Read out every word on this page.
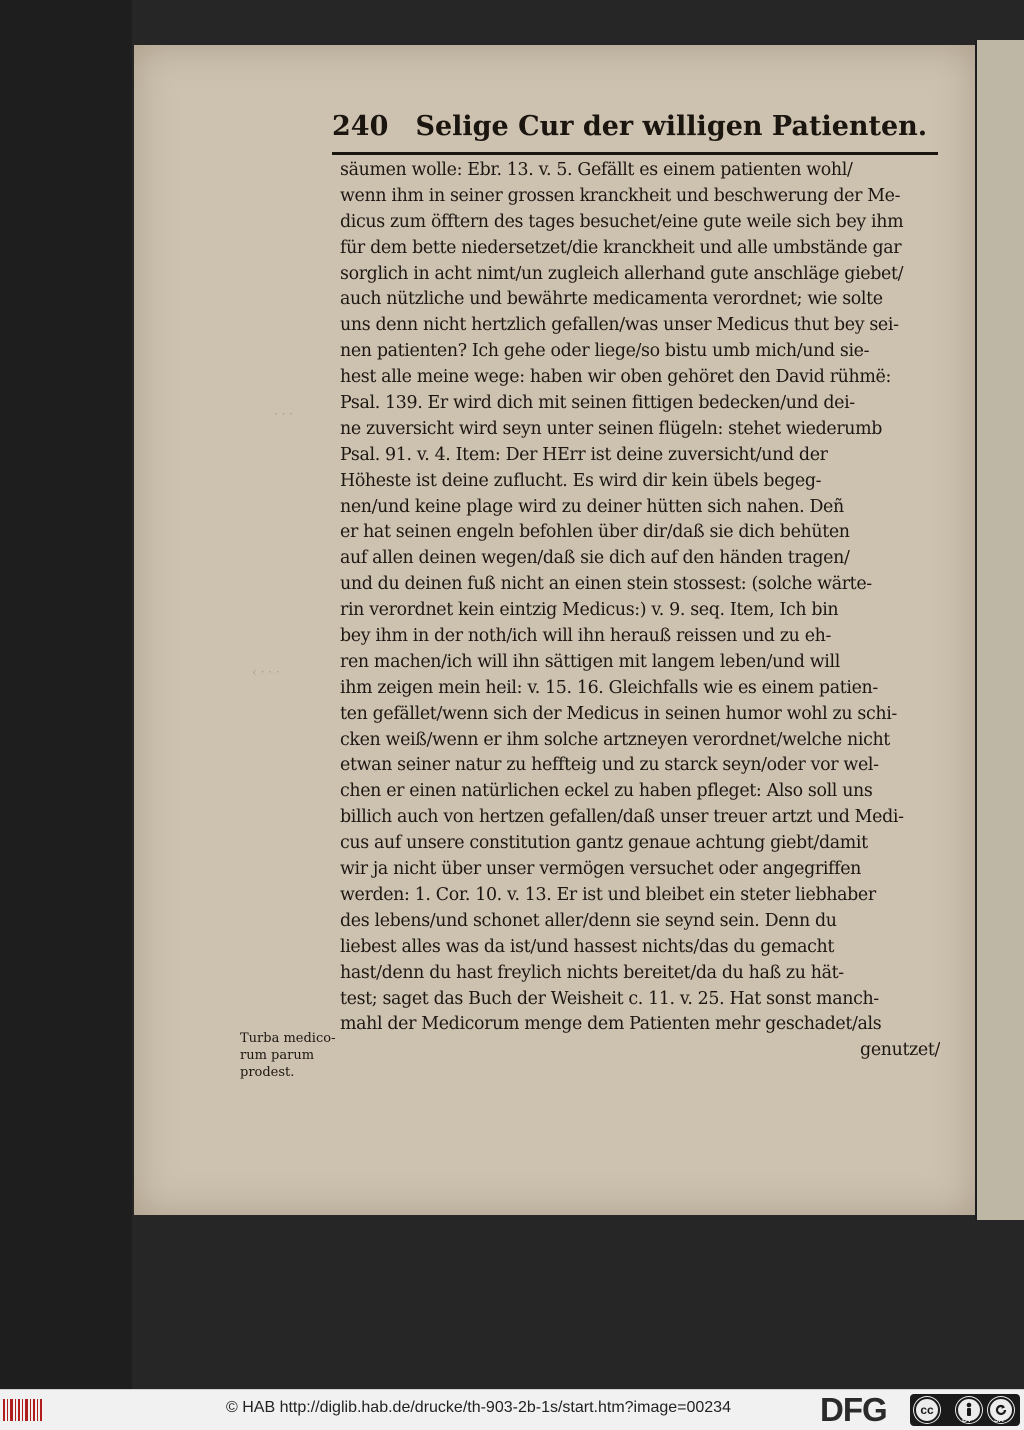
· · ·
‹ · · ·
240 Selige Cur der willigen Patienten.
säumen wolle: Ebr. 13. v. 5. Gefällt es einem patienten wohl/
wenn ihm in seiner grossen kranckheit und beschwerung der Me-
dicus zum öfftern des tages besuchet/eine gute weile sich bey ihm
für dem bette niedersetzet/die kranckheit und alle umbstände gar
sorglich in acht nimt/un zugleich allerhand gute anschläge giebet/
auch nützliche und bewährte medicamenta verordnet; wie solte
uns denn nicht hertzlich gefallen/was unser Medicus thut bey sei-
nen patienten? Ich gehe oder liege/so bistu umb mich/und sie-
hest alle meine wege: haben wir oben gehöret den David rühmë:
Psal. 139. Er wird dich mit seinen fittigen bedecken/und dei-
ne zuversicht wird seyn unter seinen flügeln: stehet wiederumb
Psal. 91. v. 4. Item: Der HErr ist deine zuversicht/und der
Höheste ist deine zuflucht. Es wird dir kein übels begeg-
nen/und keine plage wird zu deiner hütten sich nahen. Deñ
er hat seinen engeln befohlen über dir/daß sie dich behüten
auf allen deinen wegen/daß sie dich auf den händen tragen/
und du deinen fuß nicht an einen stein stossest: (solche wärte-
rin verordnet kein eintzig Medicus:) v. 9. seq. Item, Ich bin
bey ihm in der noth/ich will ihn herauß reissen und zu eh-
ren machen/ich will ihn sättigen mit langem leben/und will
ihm zeigen mein heil: v. 15. 16. Gleichfalls wie es einem patien-
ten gefället/wenn sich der Medicus in seinen humor wohl zu schi-
cken weiß/wenn er ihm solche artzneyen verordnet/welche nicht
etwan seiner natur zu heffteig und zu starck seyn/oder vor wel-
chen er einen natürlichen eckel zu haben pfleget: Also soll uns
billich auch von hertzen gefallen/daß unser treuer artzt und Medi-
cus auf unsere constitution gantz genaue achtung giebt/damit
wir ja nicht über unser vermögen versuchet oder angegriffen
werden: 1. Cor. 10. v. 13. Er ist und bleibet ein steter liebhaber
des lebens/und schonet aller/denn sie seynd sein. Denn du
liebest alles was da ist/und hassest nichts/das du gemacht
hast/denn du hast freylich nichts bereitet/da du haß zu hät-
test; saget das Buch der Weisheit c. 11. v. 25. Hat sonst manch-
mahl der Medicorum menge dem Patienten mehr geschadet/als
genutzet/
Turba medico-
rum parum
prodest.
© HAB http://diglib.hab.de/drucke/th-903-2b-1s/start.htm?image=00234	DFG	cc
BY	SA
